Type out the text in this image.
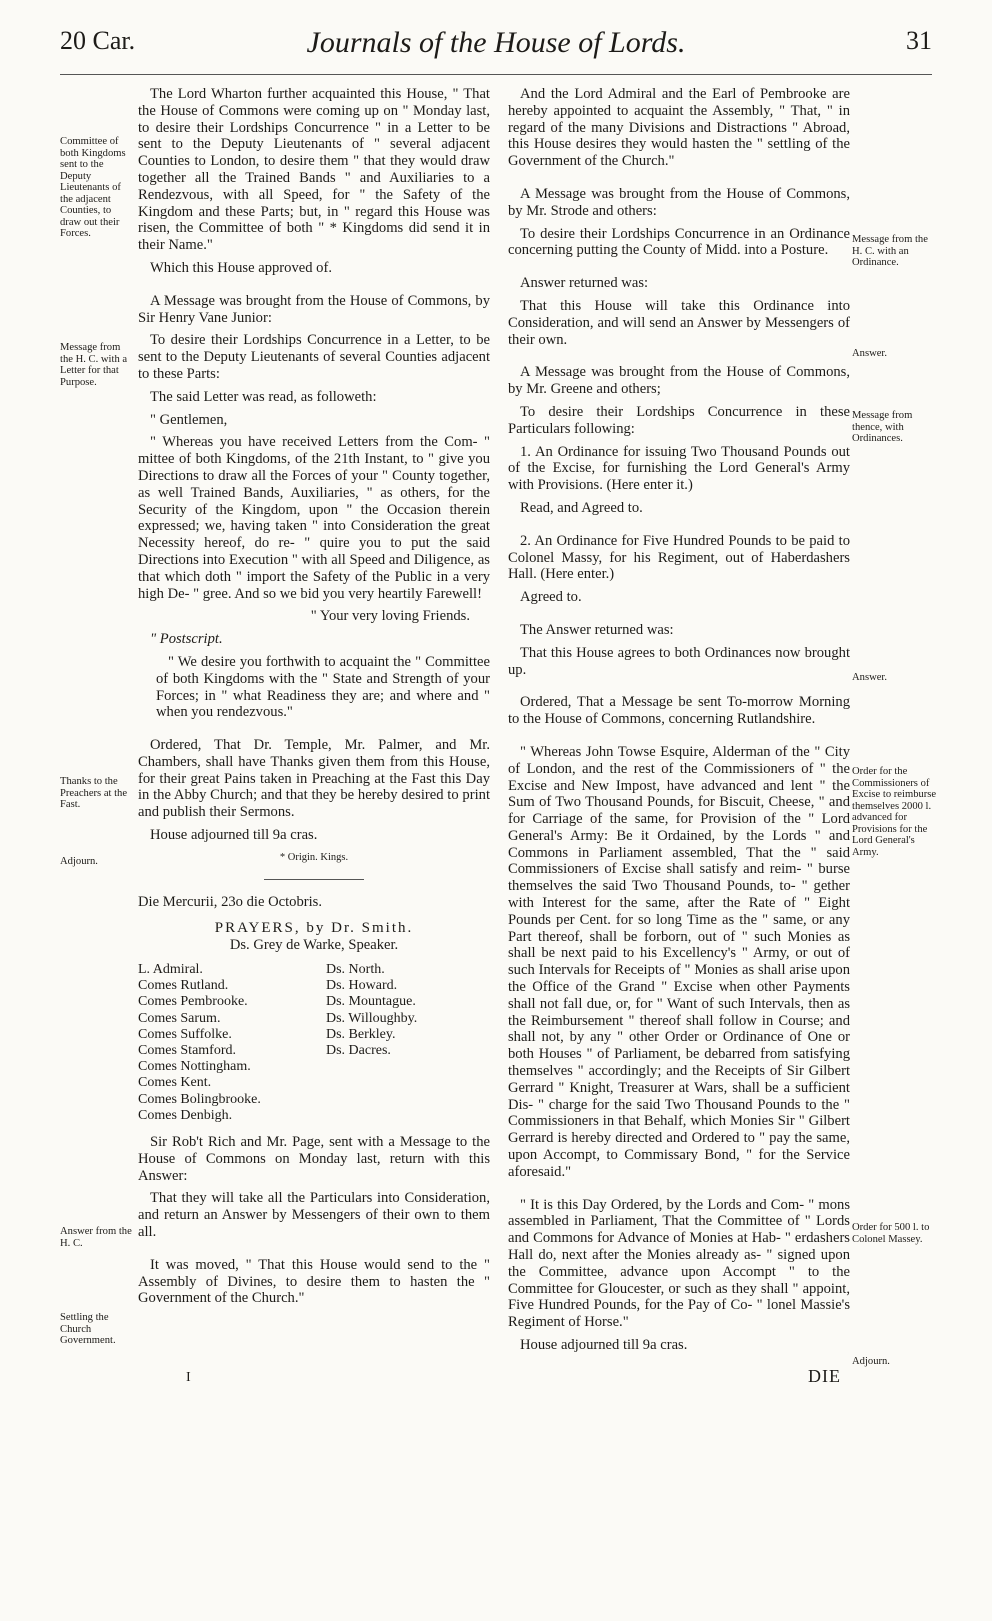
20 Car.	Journals of the House of Lords.	31
Committee of both Kingdoms sent to the Deputy Lieutenants of the adjacent Counties, to draw out their Forces.
Message from the H. C. with a Letter for that Purpose.
Thanks to the Preachers at the Fast.
Adjourn.
Answer from the H. C.
Settling the Church Government.
Message from the H. C. with an Ordinance.
Answer.
Message from thence, with Ordinances.
Answer.
Order for the Commissioners of Excise to reimburse themselves 2000 l. advanced for Provisions for the Lord General's Army.
Order for 500 l. to Colonel Massey.
Adjourn.

The Lord Wharton further acquainted this House, " That the House of Commons were coming up on " Monday last, to desire their Lordships Concurrence " in a Letter to be sent to the Deputy Lieutenants of " several adjacent Counties to London, to desire them " that they would draw together all the Trained Bands " and Auxiliaries to a Rendezvous, with all Speed, for " the Safety of the Kingdom and these Parts; but, in " regard this House was risen, the Committee of both " * Kingdoms did send it in their Name."

Which this House approved of.

A Message was brought from the House of Commons, by Sir Henry Vane Junior:

To desire their Lordships Concurrence in a Letter, to be sent to the Deputy Lieutenants of several Counties adjacent to these Parts:

The said Letter was read, as followeth:

" Gentlemen,

" Whereas you have received Letters from the Com- " mittee of both Kingdoms, of the 21th Instant, to " give you Directions to draw all the Forces of your " County together, as well Trained Bands, Auxiliaries, " as others, for the Security of the Kingdom, upon " the Occasion therein expressed; we, having taken " into Consideration the great Necessity hereof, do re- " quire you to put the said Directions into Execution " with all Speed and Diligence, as that which doth " import the Safety of the Public in a very high De- " gree. And so we bid you very heartily Farewell!

" Your very loving Friends.

" Postscript.

" We desire you forthwith to acquaint the " Committee of both Kingdoms with the " State and Strength of your Forces; in " what Readiness they are; and where and " when you rendezvous."

Ordered, That Dr. Temple, Mr. Palmer, and Mr. Chambers, shall have Thanks given them from this House, for their great Pains taken in Preaching at the Fast this Day in the Abby Church; and that they be hereby desired to print and publish their Sermons.

House adjourned till 9a cras.

* Origin. Kings.
Die Mercurii, 23o die Octobris.
PRAYERS, by Dr. Smith.
Ds. Grey de Warke, Speaker.
L. Admiral.
Comes Rutland.
Comes Pembrooke.
Comes Sarum.
Comes Suffolke.
Comes Stamford.
Comes Nottingham.
Comes Kent.
Comes Bolingbrooke.
Comes Denbigh.
Ds. North.
Ds. Howard.
Ds. Mountague.
Ds. Willoughby.
Ds. Berkley.
Ds. Dacres.

Sir Rob't Rich and Mr. Page, sent with a Message to the House of Commons on Monday last, return with this Answer:

That they will take all the Particulars into Consideration, and return an Answer by Messengers of their own to them all.

It was moved, " That this House would send to the " Assembly of Divines, to desire them to hasten the " Government of the Church."

I

And the Lord Admiral and the Earl of Pembrooke are hereby appointed to acquaint the Assembly, " That, " in regard of the many Divisions and Distractions " Abroad, this House desires they would hasten the " settling of the Government of the Church."

A Message was brought from the House of Commons, by Mr. Strode and others:

To desire their Lordships Concurrence in an Ordinance concerning putting the County of Midd. into a Posture.

Answer returned was:

That this House will take this Ordinance into Consideration, and will send an Answer by Messengers of their own.

A Message was brought from the House of Commons, by Mr. Greene and others;

To desire their Lordships Concurrence in these Particulars following:

1. An Ordinance for issuing Two Thousand Pounds out of the Excise, for furnishing the Lord General's Army with Provisions. (Here enter it.)

Read, and Agreed to.

2. An Ordinance for Five Hundred Pounds to be paid to Colonel Massy, for his Regiment, out of Haberdashers Hall. (Here enter.)

Agreed to.

The Answer returned was:

That this House agrees to both Ordinances now brought up.

Ordered, That a Message be sent To-morrow Morning to the House of Commons, concerning Rutlandshire.

" Whereas John Towse Esquire, Alderman of the " City of London, and the rest of the Commissioners of " the Excise and New Impost, have advanced and lent " the Sum of Two Thousand Pounds, for Biscuit, Cheese, " and for Carriage of the same, for Provision of the " Lord General's Army: Be it Ordained, by the Lords " and Commons in Parliament assembled, That the " said Commissioners of Excise shall satisfy and reim- " burse themselves the said Two Thousand Pounds, to- " gether with Interest for the same, after the Rate of " Eight Pounds per Cent. for so long Time as the " same, or any Part thereof, shall be forborn, out of " such Monies as shall be next paid to his Excellency's " Army, or out of such Intervals for Receipts of " Monies as shall arise upon the Office of the Grand " Excise when other Payments shall not fall due, or, for " Want of such Intervals, then as the Reimbursement " thereof shall follow in Course; and shall not, by any " other Order or Ordinance of One or both Houses " of Parliament, be debarred from satisfying themselves " accordingly; and the Receipts of Sir Gilbert Gerrard " Knight, Treasurer at Wars, shall be a sufficient Dis- " charge for the said Two Thousand Pounds to the " Commissioners in that Behalf, which Monies Sir " Gilbert Gerrard is hereby directed and Ordered to " pay the same, upon Accompt, to Commissary Bond, " for the Service aforesaid."

" It is this Day Ordered, by the Lords and Com- " mons assembled in Parliament, That the Committee of " Lords and Commons for Advance of Monies at Hab- " erdashers Hall do, next after the Monies already as- " signed upon the Committee, advance upon Accompt " to the Committee for Gloucester, or such as they shall " appoint, Five Hundred Pounds, for the Pay of Co- " lonel Massie's Regiment of Horse."

House adjourned till 9a cras.

DIE
